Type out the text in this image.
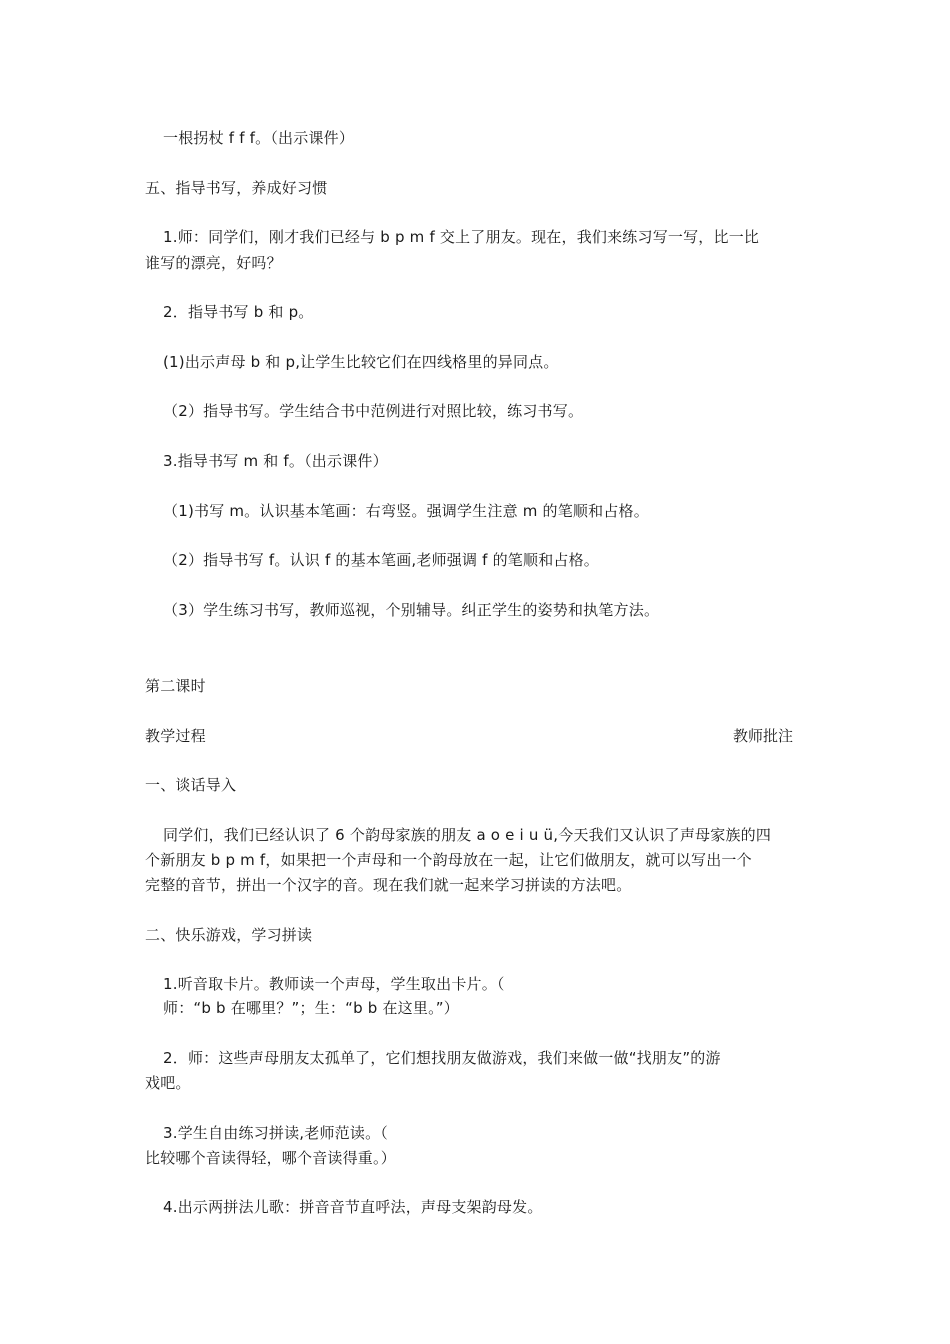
一根拐杖 f f f。（出示课件）
五、指导书写，养成好习惯
1.师：同学们，刚才我们已经与 b p m f 交上了朋友。现在，我们来练习写一写，比一比
谁写的漂亮，好吗？
2．指导书写 b 和 p。
(1)出示声母 b 和 p,让学生比较它们在四线格里的异同点。
（2）指导书写。学生结合书中范例进行对照比较，练习书写。
3.指导书写 m 和 f。（出示课件）
（1)书写 m。认识基本笔画：右弯竖。强调学生注意 m 的笔顺和占格。
（2）指导书写 f。认识 f 的基本笔画,老师强调 f 的笔顺和占格。
（3）学生练习书写，教师巡视，个别辅导。纠正学生的姿势和执笔方法。
第二课时
教学过程	教师批注
一、谈话导入
同学们，我们已经认识了 6 个韵母家族的朋友 a o e i u ü,今天我们又认识了声母家族的四
个新朋友 b p m f，如果把一个声母和一个韵母放在一起，让它们做朋友，就可以写出一个
完整的音节，拼出一个汉字的音。现在我们就一起来学习拼读的方法吧。
二、快乐游戏，学习拼读
1.听音取卡片。教师读一个声母，学生取出卡片。（
师：“b b 在哪里？”；生：“b b 在这里。”）
2．师：这些声母朋友太孤单了，它们想找朋友做游戏，我们来做一做“找朋友”的游
戏吧。
3.学生自由练习拼读,老师范读。（
比较哪个音读得轻，哪个音读得重。）
4.出示两拼法儿歌：拼音音节直呼法，声母支架韵母发。
